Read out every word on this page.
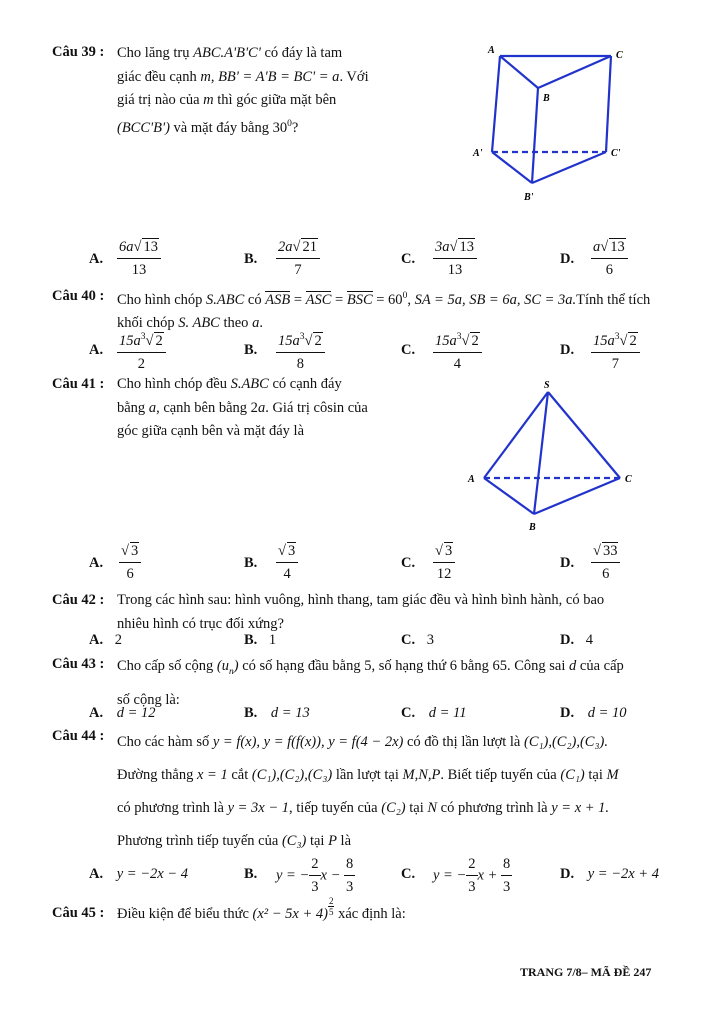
Câu 39 : Cho lăng trụ ABC.A'B'C' có đáy là tam
giác đều cạnh m, BB' = A'B = BC' = a. Với
giá trị nào của m thì góc giữa mặt bên
(BCC'B') và mặt đáy bằng $30^0$?
A	C
B
A'	C'
B'
A. $\frac{6a√ 13}{13}$	B. $\frac{2a√ 21}{7}$	C. $\frac{3a√ 13}{13}$	D. $\frac{a√ 13}{6}$
Câu 40 : Cho hình chóp S.ABC có ASB = ASC = BSC = $60^0$, SA = 5a, SB = 6a, SC = 3a.Tính thể tích
khối chóp S. ABC theo a.
A. $\frac{15a^3√ 2}{2}$	B. $\frac{15a^3√ 2}{8}$	C. $\frac{15a^3√ 2}{4}$	D. $\frac{15a^3√ 2}{7}$
Câu 41 : Cho hình chóp đều S.ABC có cạnh đáy
bằng a, cạnh bên bằng 2a. Giá trị côsin của
góc giữa cạnh bên và mặt đáy là
S
A	C
B
A. $\frac{√ 3}{6}$	B. $\frac{√ 3}{4}$	C. $\frac{√ 3}{12}$	D. $\frac{√ 33}{6}$
Câu 42 : Trong các hình sau: hình vuông, hình thang, tam giác đều và hình bình hành, có bao
nhiêu hình có trục đối xứng?
A. 2	B. 1	C. 3	D. 4
Câu 43 : Cho cấp số cộng $(u_n)$ có số hạng đầu bằng 5, số hạng thứ 6 bằng 65. Công sai d của cấp
số cộng là:
A. d = 12	B. d = 13	C. d = 11	D. d = 10
Câu 44 : Cho các hàm số y = f(x), y = f(f(x)), y = f(4 − 2x) có đồ thị lần lượt là (C₁),(C₂),(C₃).
Đường thẳng x = 1 cắt (C₁),(C₂),(C₃) lần lượt tại M,N,P. Biết tiếp tuyến của (C₁) tại M
có phương trình là y = 3x − 1, tiếp tuyến của (C₂) tại N có phương trình là y = x + 1.
Phương trình tiếp tuyến của (C₃) tại P là
A. y = −2x − 4	B. y = − $\frac{2}{3}$ $x - \frac{8}{3}$	C. y = − $\frac{2}{3}$ $x + \frac{8}{3}$	D. y = −2x + 4
Câu 45 : Điều kiện để biểu thức $(x^2 - 5x + 4) \frac{2}{5}$ xác định là:
TRANG 7/8– MÃ ĐỀ 247
